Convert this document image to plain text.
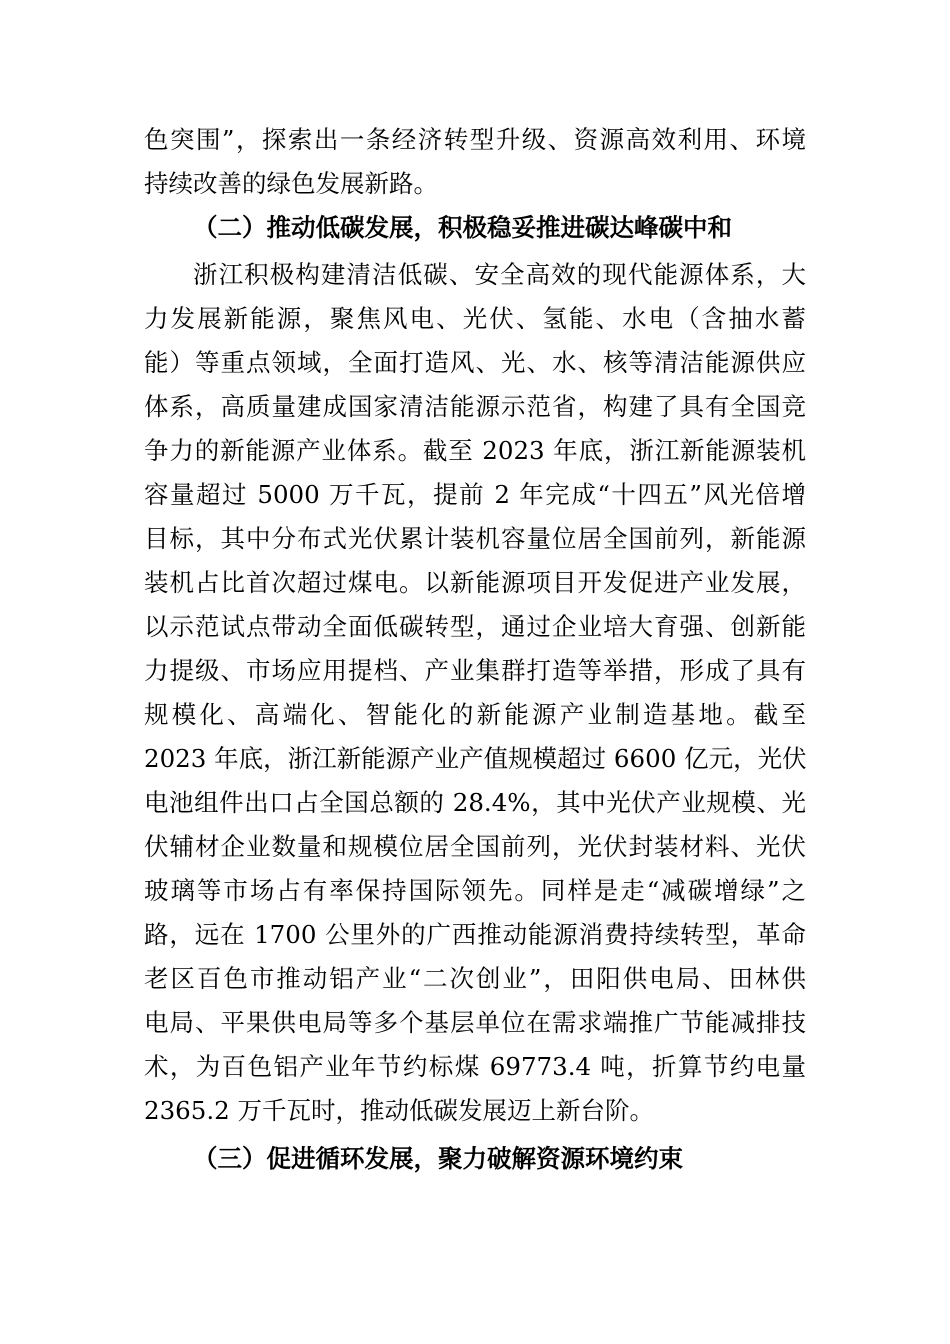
色突围”，探索出一条经济转型升级、资源高效利用、环境
持续改善的绿色发展新路。
（二）推动低碳发展，积极稳妥推进碳达峰碳中和
浙江积极构建清洁低碳、安全高效的现代能源体系，大
力发展新能源，聚焦风电、光伏、氢能、水电（含抽水蓄
能）等重点领域，全面打造风、光、水、核等清洁能源供应
体系，高质量建成国家清洁能源示范省，构建了具有全国竞
争力的新能源产业体系。截至 2023 年底，浙江新能源装机
容量超过 5000 万千瓦，提前 2 年完成“十四五”风光倍增
目标，其中分布式光伏累计装机容量位居全国前列，新能源
装机占比首次超过煤电。以新能源项目开发促进产业发展，
以示范试点带动全面低碳转型，通过企业培大育强、创新能
力提级、市场应用提档、产业集群打造等举措，形成了具有
规模化、高端化、智能化的新能源产业制造基地。截至
2023 年底，浙江新能源产业产值规模超过 6600 亿元，光伏
电池组件出口占全国总额的 28.4%，其中光伏产业规模、光
伏辅材企业数量和规模位居全国前列，光伏封装材料、光伏
玻璃等市场占有率保持国际领先。同样是走“减碳增绿”之
路，远在 1700 公里外的广西推动能源消费持续转型，革命
老区百色市推动铝产业“二次创业”，田阳供电局、田林供
电局、平果供电局等多个基层单位在需求端推广节能减排技
术，为百色铝产业年节约标煤 69773.4 吨，折算节约电量
2365.2 万千瓦时，推动低碳发展迈上新台阶。
（三）促进循环发展，聚力破解资源环境约束
